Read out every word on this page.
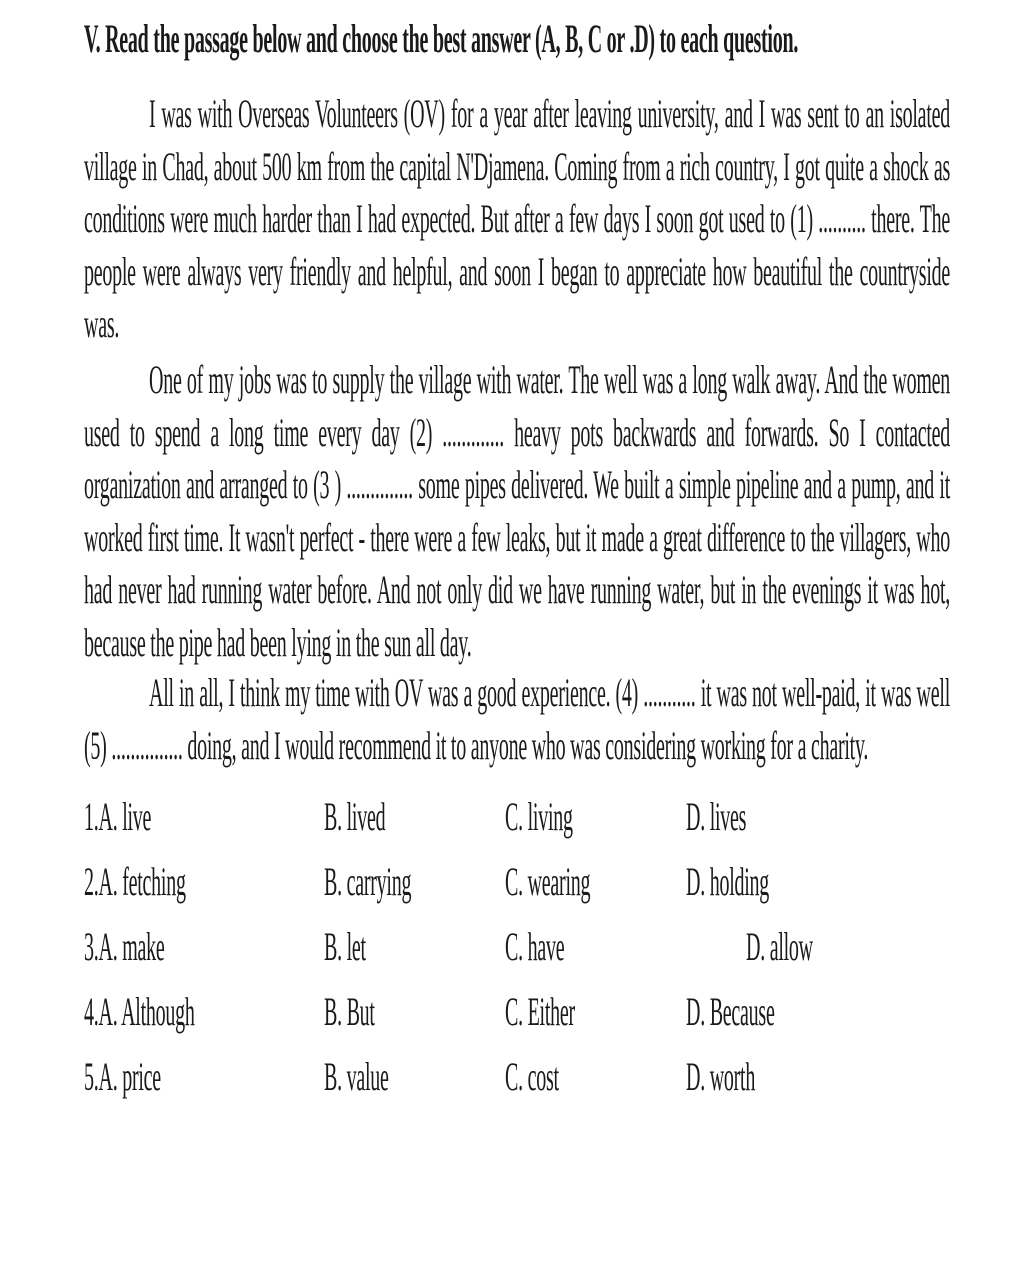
V. Read the passage below and choose the best answer (A, B, C or .D) to each question.

I was with Overseas Volunteers (OV) for a year after leaving university, and I was sent to an isolated village in Chad, about 500 km from the capital N'Djamena. Coming from a rich country, I got quite a shock as conditions were much harder than I had expected. But after a few days I soon got used to (1) .......... there. The people were always very friendly and helpful, and soon I began to appreciate how beautiful the countryside was.

One of my jobs was to supply the village with water. The well was a long walk away. And the women used to spend a long time every day (2) ............. heavy pots backwards and forwards. So I contacted organization and arranged to (3 ) .............. some pipes delivered. We built a simple pipeline and a pump, and it worked first time. It wasn't perfect - there were a few leaks, but it made a great difference to the villagers, who had never had running water before. And not only did we have running water, but in the evenings it was hot, because the pipe had been lying in the sun all day.

All in all, I think my time with OV was a good experience. (4) ........... it was not well-paid, it was well (5) ............... doing, and I would recommend it to anyone who was considering working for a charity.

1.A. live	B. lived	C. living	D. lives
2.A. fetching	B. carrying C. wearing D. holding
3.A. make	B. let	C. have	D. allow
4.A. Although	B. But	C. Either	D. Because
5.A. price	B. value	C. cost	D. worth
